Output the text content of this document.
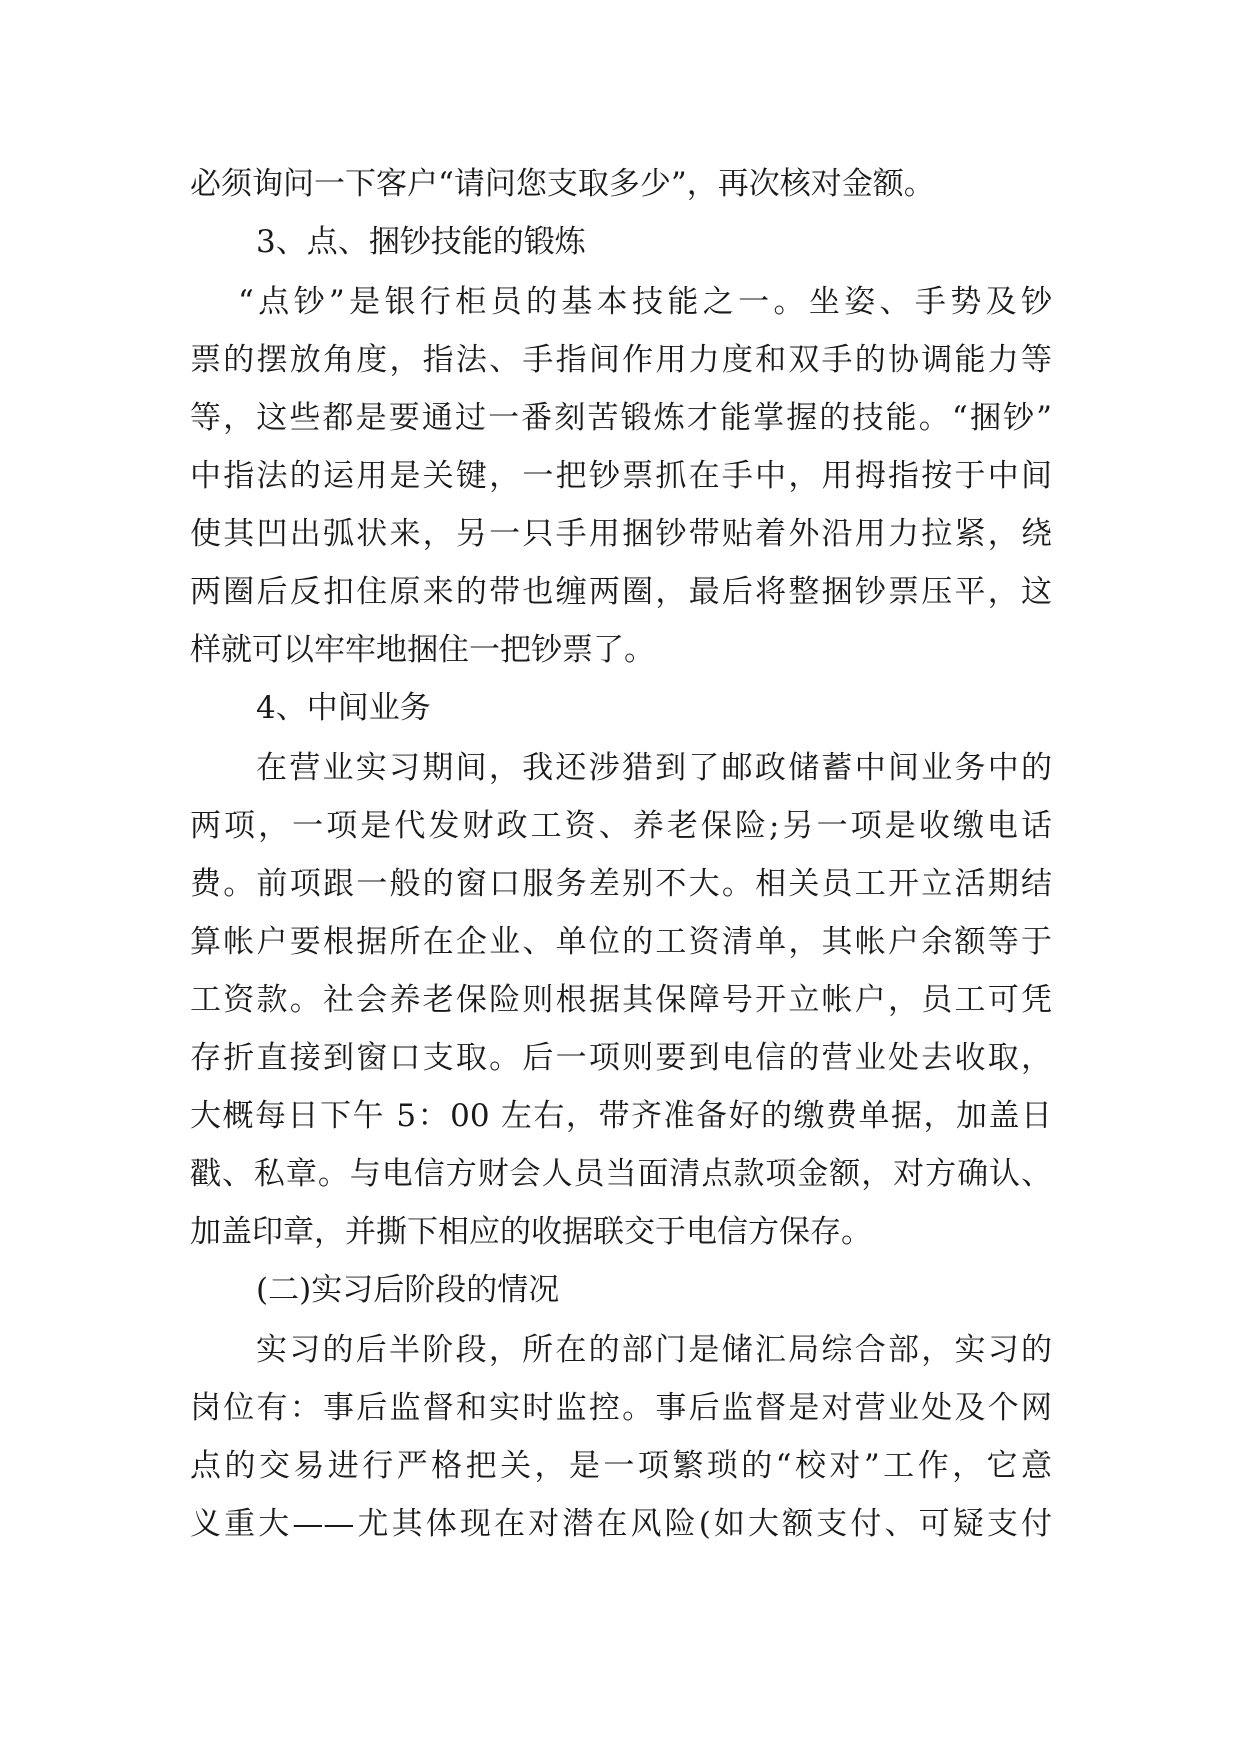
必须询问一下客户“请问您支取多少”，再次核对金额。
3、点、捆钞技能的锻炼
“点钞”是银行柜员的基本技能之一。坐姿、手势及钞
票的摆放角度，指法、手指间作用力度和双手的协调能力等
等，这些都是要通过一番刻苦锻炼才能掌握的技能。“捆钞”
中指法的运用是关键，一把钞票抓在手中，用拇指按于中间
使其凹出弧状来，另一只手用捆钞带贴着外沿用力拉紧，绕
两圈后反扣住原来的带也缠两圈，最后将整捆钞票压平，这
样就可以牢牢地捆住一把钞票了。
4、中间业务
在营业实习期间，我还涉猎到了邮政储蓄中间业务中的
两项，一项是代发财政工资、养老保险;另一项是收缴电话
费。前项跟一般的窗口服务差别不大。相关员工开立活期结
算帐户要根据所在企业、单位的工资清单，其帐户余额等于
工资款。社会养老保险则根据其保障号开立帐户，员工可凭
存折直接到窗口支取。后一项则要到电信的营业处去收取，
大概每日下午 5：00 左右，带齐准备好的缴费单据，加盖日
戳、私章。与电信方财会人员当面清点款项金额，对方确认、
加盖印章，并撕下相应的收据联交于电信方保存。
(二)实习后阶段的情况
实习的后半阶段，所在的部门是储汇局综合部，实习的
岗位有：事后监督和实时监控。事后监督是对营业处及个网
点的交易进行严格把关，是一项繁琐的“校对”工作，它意
义重大——尤其体现在对潜在风险(如大额支付、可疑支付
